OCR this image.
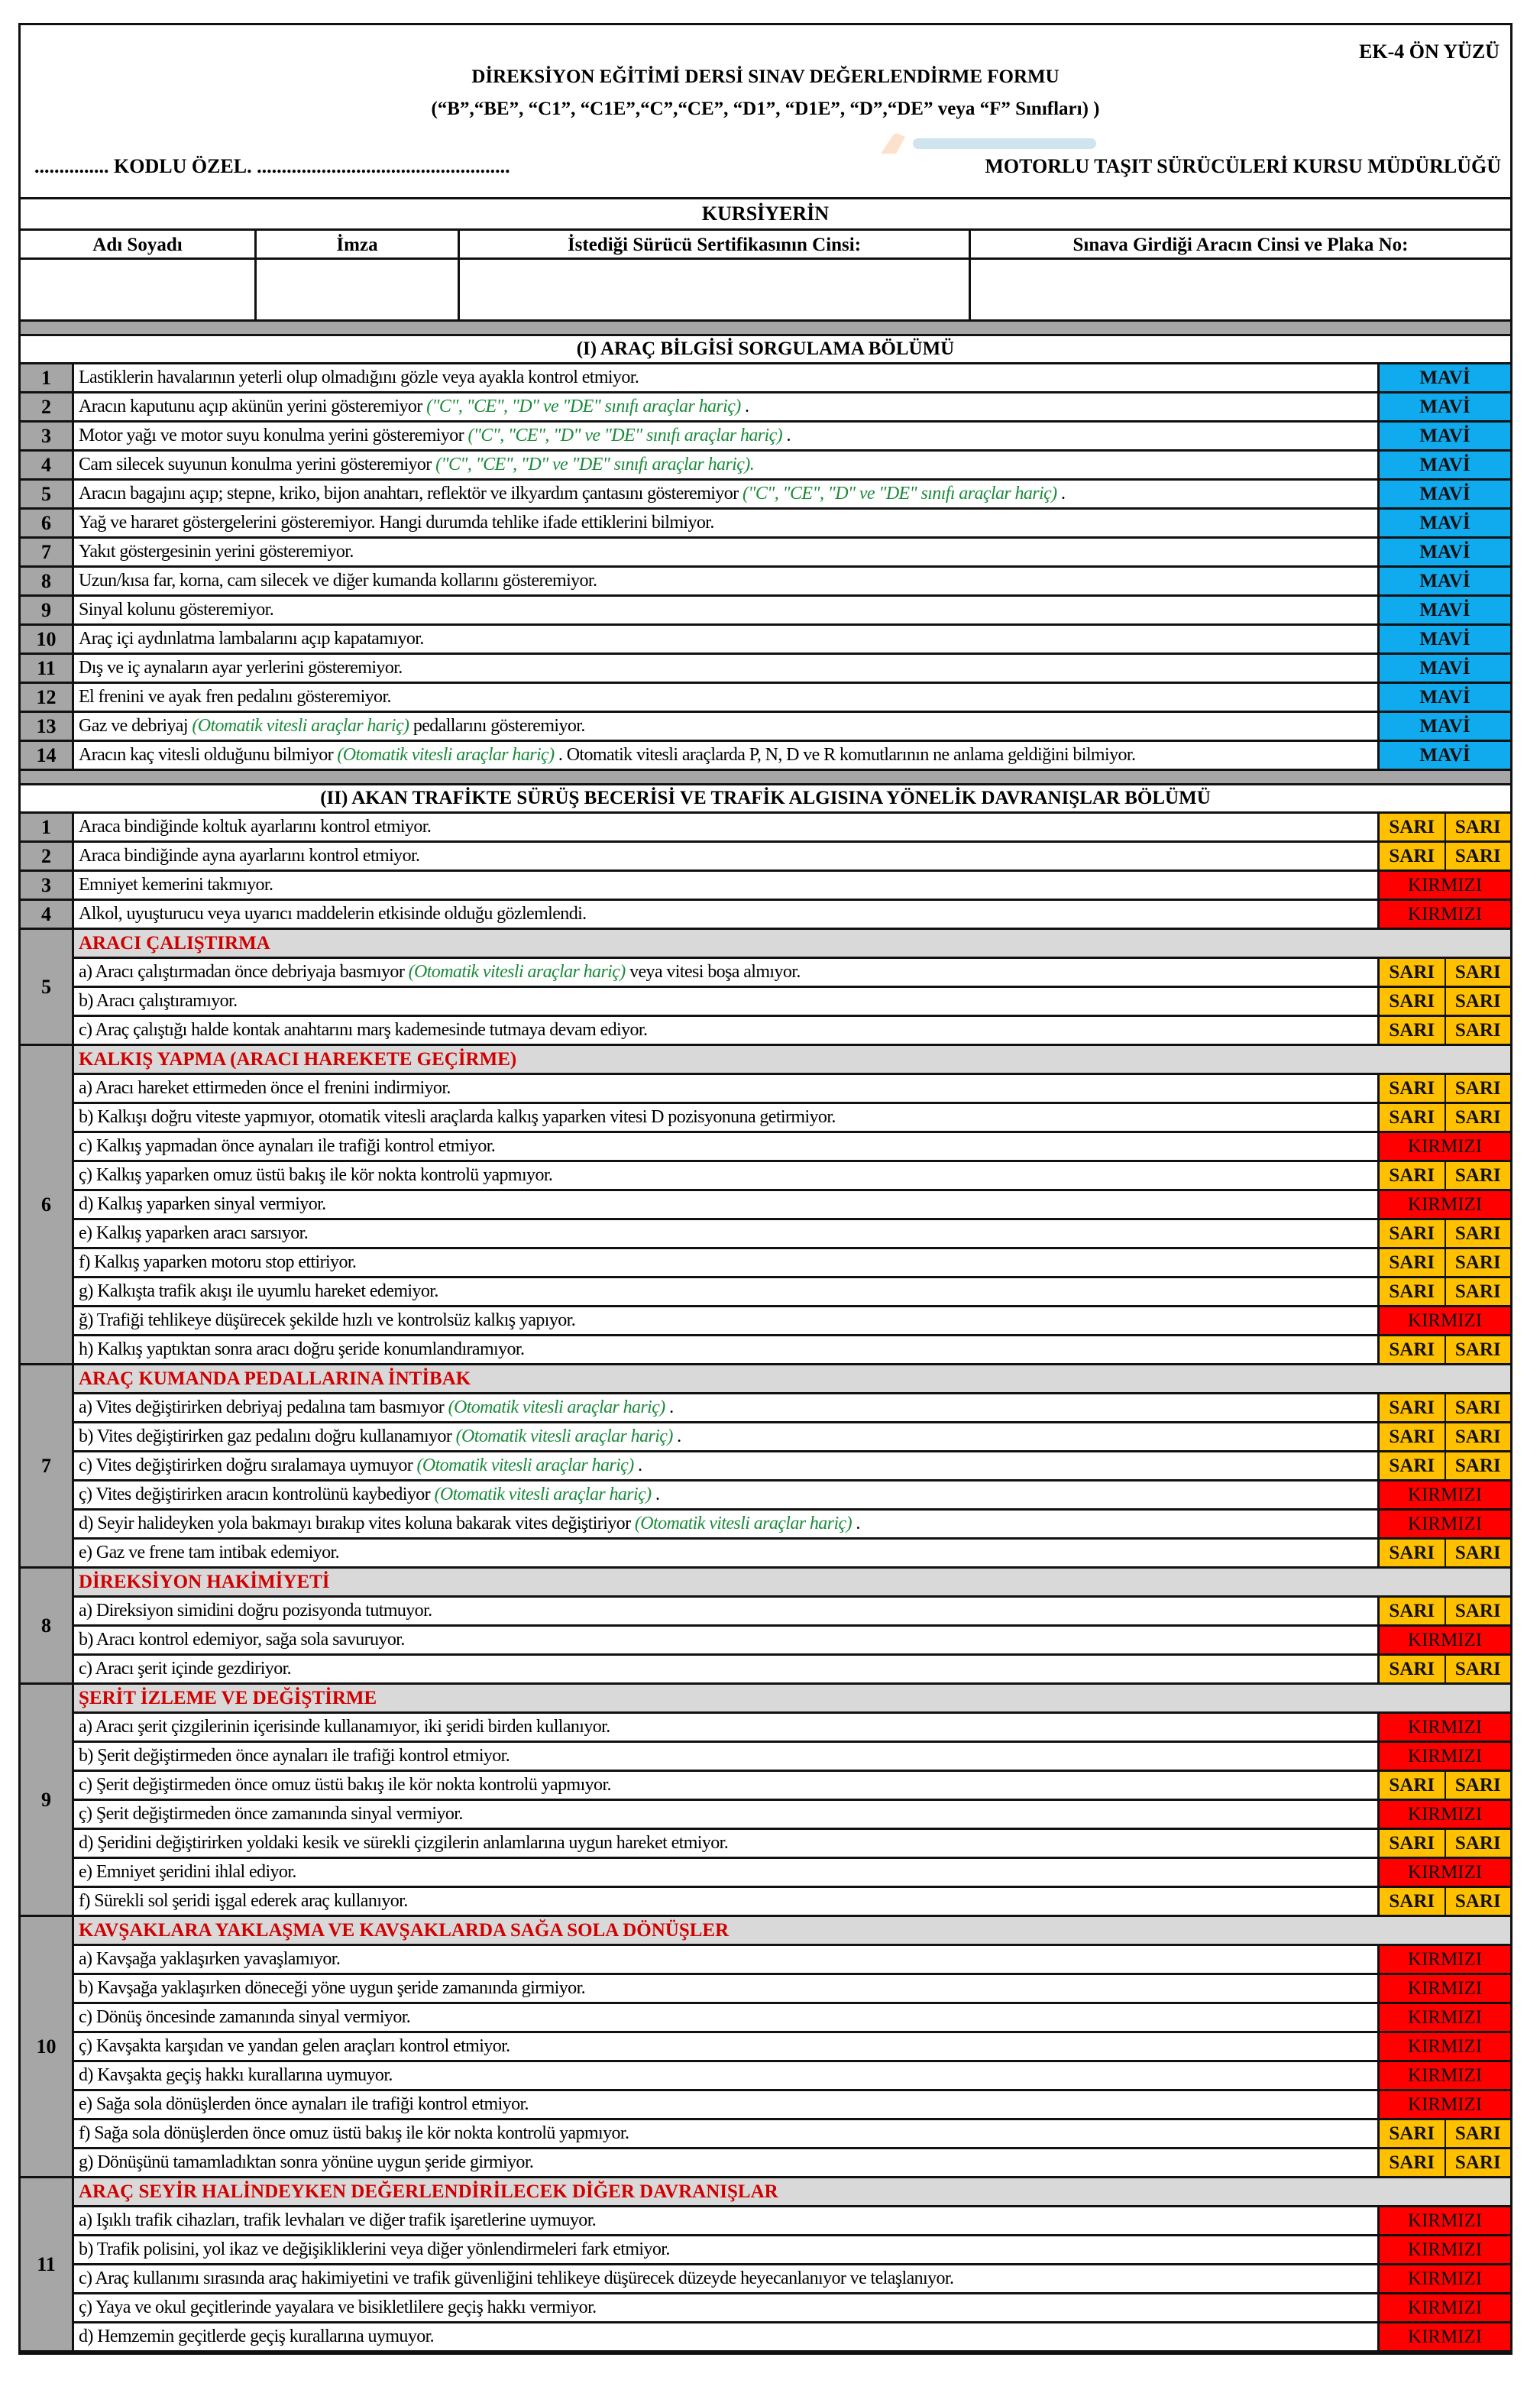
EK-4 ÖN YÜZÜ
DİREKSİYON EĞİTİMİ DERSİ SINAV DEĞERLENDİRME FORMU
(“B”,“BE”, “C1”, “C1E”,“C”,“CE”, “D1”, “D1E”, “D”,“DE” veya “F” Sınıfları) )
............... KODLU ÖZEL. ...................................................	MOTORLU TAŞIT SÜRÜCÜLERİ KURSU MÜDÜRLÜĞÜ
KURSİYERİN
Adı Soyadı	İmza	İstediği Sürücü Sertifikasının Cinsi:	Sınava Girdiği Aracın Cinsi ve Plaka No:
(I) ARAÇ BİLGİSİ SORGULAMA BÖLÜMÜ
1	Lastiklerin havalarının yeterli olup olmadığını gözle veya ayakla kontrol etmiyor.	MAVİ
2	Aracın kaputunu açıp akünün yerini gösteremiyor ("C", "CE", "D" ve "DE" sınıfı araçlar hariç) .	MAVİ
3	Motor yağı ve motor suyu konulma yerini gösteremiyor ("C", "CE", "D" ve "DE" sınıfı araçlar hariç) .	MAVİ
4	Cam silecek suyunun konulma yerini gösteremiyor ("C", "CE", "D" ve "DE" sınıfı araçlar hariç).	MAVİ
5	Aracın bagajını açıp; stepne, kriko, bijon anahtarı, reflektör ve ilkyardım çantasını gösteremiyor ("C", "CE", "D" ve "DE" sınıfı araçlar hariç) .	MAVİ
6	Yağ ve hararet göstergelerini gösteremiyor. Hangi durumda tehlike ifade ettiklerini bilmiyor.	MAVİ
7	Yakıt göstergesinin yerini gösteremiyor.	MAVİ
8	Uzun/kısa far, korna, cam silecek ve diğer kumanda kollarını gösteremiyor.	MAVİ
9	Sinyal kolunu gösteremiyor.	MAVİ
10	Araç içi aydınlatma lambalarını açıp kapatamıyor.	MAVİ
11	Dış ve iç aynaların ayar yerlerini gösteremiyor.	MAVİ
12	El frenini ve ayak fren pedalını gösteremiyor.	MAVİ
13	Gaz ve debriyaj (Otomatik vitesli araçlar hariç) pedallarını gösteremiyor.	MAVİ
14	Aracın kaç vitesli olduğunu bilmiyor (Otomatik vitesli araçlar hariç) . Otomatik vitesli araçlarda P, N, D ve R komutlarının ne anlama geldiğini bilmiyor.	MAVİ
(II) AKAN TRAFİKTE SÜRÜŞ BECERİSİ VE TRAFİK ALGISINA YÖNELİK DAVRANIŞLAR BÖLÜMÜ
1	Araca bindiğinde koltuk ayarlarını kontrol etmiyor.	SARI	SARI
2	Araca bindiğinde ayna ayarlarını kontrol etmiyor.	SARI	SARI
3	Emniyet kemerini takmıyor.	KIRMIZI
4	Alkol, uyuşturucu veya uyarıcı maddelerin etkisinde olduğu gözlemlendi.	KIRMIZI
5
ARACI ÇALIŞTIRMA
a) Aracı çalıştırmadan önce debriyaja basmıyor (Otomatik vitesli araçlar hariç) veya vitesi boşa almıyor.	SARI	SARI
b) Aracı çalıştıramıyor.	SARI	SARI
c) Araç çalıştığı halde kontak anahtarını marş kademesinde tutmaya devam ediyor.	SARI	SARI
6
KALKIŞ YAPMA (ARACI HAREKETE GEÇİRME)
a) Aracı hareket ettirmeden önce el frenini indirmiyor.	SARI	SARI
b) Kalkışı doğru viteste yapmıyor, otomatik vitesli araçlarda kalkış yaparken vitesi D pozisyonuna getirmiyor.	SARI	SARI
c) Kalkış yapmadan önce aynaları ile trafiği kontrol etmiyor.	KIRMIZI
ç) Kalkış yaparken omuz üstü bakış ile kör nokta kontrolü yapmıyor.	SARI	SARI
d) Kalkış yaparken sinyal vermiyor.	KIRMIZI
e) Kalkış yaparken aracı sarsıyor.	SARI	SARI
f) Kalkış yaparken motoru stop ettiriyor.	SARI	SARI
g) Kalkışta trafik akışı ile uyumlu hareket edemiyor.	SARI	SARI
ğ) Trafiği tehlikeye düşürecek şekilde hızlı ve kontrolsüz kalkış yapıyor.	KIRMIZI
h) Kalkış yaptıktan sonra aracı doğru şeride konumlandıramıyor.	SARI	SARI
7
ARAÇ KUMANDA PEDALLARINA İNTİBAK
a) Vites değiştirirken debriyaj pedalına tam basmıyor (Otomatik vitesli araçlar hariç) .	SARI	SARI
b) Vites değiştirirken gaz pedalını doğru kullanamıyor (Otomatik vitesli araçlar hariç) .	SARI	SARI
c) Vites değiştirirken doğru sıralamaya uymuyor (Otomatik vitesli araçlar hariç) .	SARI	SARI
ç) Vites değiştirirken aracın kontrolünü kaybediyor (Otomatik vitesli araçlar hariç) .	KIRMIZI
d) Seyir halideyken yola bakmayı bırakıp vites koluna bakarak vites değiştiriyor (Otomatik vitesli araçlar hariç) .	KIRMIZI
e) Gaz ve frene tam intibak edemiyor.	SARI	SARI
8
DİREKSİYON HAKİMİYETİ
a) Direksiyon simidini doğru pozisyonda tutmuyor.	SARI	SARI
b) Aracı kontrol edemiyor, sağa sola savuruyor.	KIRMIZI
c) Aracı şerit içinde gezdiriyor.	SARI	SARI
9
ŞERİT İZLEME VE DEĞİŞTİRME
a) Aracı şerit çizgilerinin içerisinde kullanamıyor, iki şeridi birden kullanıyor.	KIRMIZI
b) Şerit değiştirmeden önce aynaları ile trafiği kontrol etmiyor.	KIRMIZI
c) Şerit değiştirmeden önce omuz üstü bakış ile kör nokta kontrolü yapmıyor.	SARI	SARI
ç) Şerit değiştirmeden önce zamanında sinyal vermiyor.	KIRMIZI
d) Şeridini değiştirirken yoldaki kesik ve sürekli çizgilerin anlamlarına uygun hareket etmiyor.	SARI	SARI
e) Emniyet şeridini ihlal ediyor.	KIRMIZI
f) Sürekli sol şeridi işgal ederek araç kullanıyor.	SARI	SARI
10
KAVŞAKLARA YAKLAŞMA VE KAVŞAKLARDA SAĞA SOLA DÖNÜŞLER
a) Kavşağa yaklaşırken yavaşlamıyor.	KIRMIZI
b) Kavşağa yaklaşırken döneceği yöne uygun şeride zamanında girmiyor.	KIRMIZI
c) Dönüş öncesinde zamanında sinyal vermiyor.	KIRMIZI
ç) Kavşakta karşıdan ve yandan gelen araçları kontrol etmiyor.	KIRMIZI
d) Kavşakta geçiş hakkı kurallarına uymuyor.	KIRMIZI
e) Sağa sola dönüşlerden önce aynaları ile trafiği kontrol etmiyor.	KIRMIZI
f) Sağa sola dönüşlerden önce omuz üstü bakış ile kör nokta kontrolü yapmıyor.	SARI	SARI
g) Dönüşünü tamamladıktan sonra yönüne uygun şeride girmiyor.	SARI	SARI
11
ARAÇ SEYİR HALİNDEYKEN DEĞERLENDİRİLECEK DİĞER DAVRANIŞLAR
a) Işıklı trafik cihazları, trafik levhaları ve diğer trafik işaretlerine uymuyor.	KIRMIZI
b) Trafik polisini, yol ikaz ve değişikliklerini veya diğer yönlendirmeleri fark etmiyor.	KIRMIZI
c) Araç kullanımı sırasında araç hakimiyetini ve trafik güvenliğini tehlikeye düşürecek düzeyde heyecanlanıyor ve telaşlanıyor.	KIRMIZI
ç) Yaya ve okul geçitlerinde yayalara ve bisikletlilere geçiş hakkı vermiyor.	KIRMIZI
d) Hemzemin geçitlerde geçiş kurallarına uymuyor.	KIRMIZI
